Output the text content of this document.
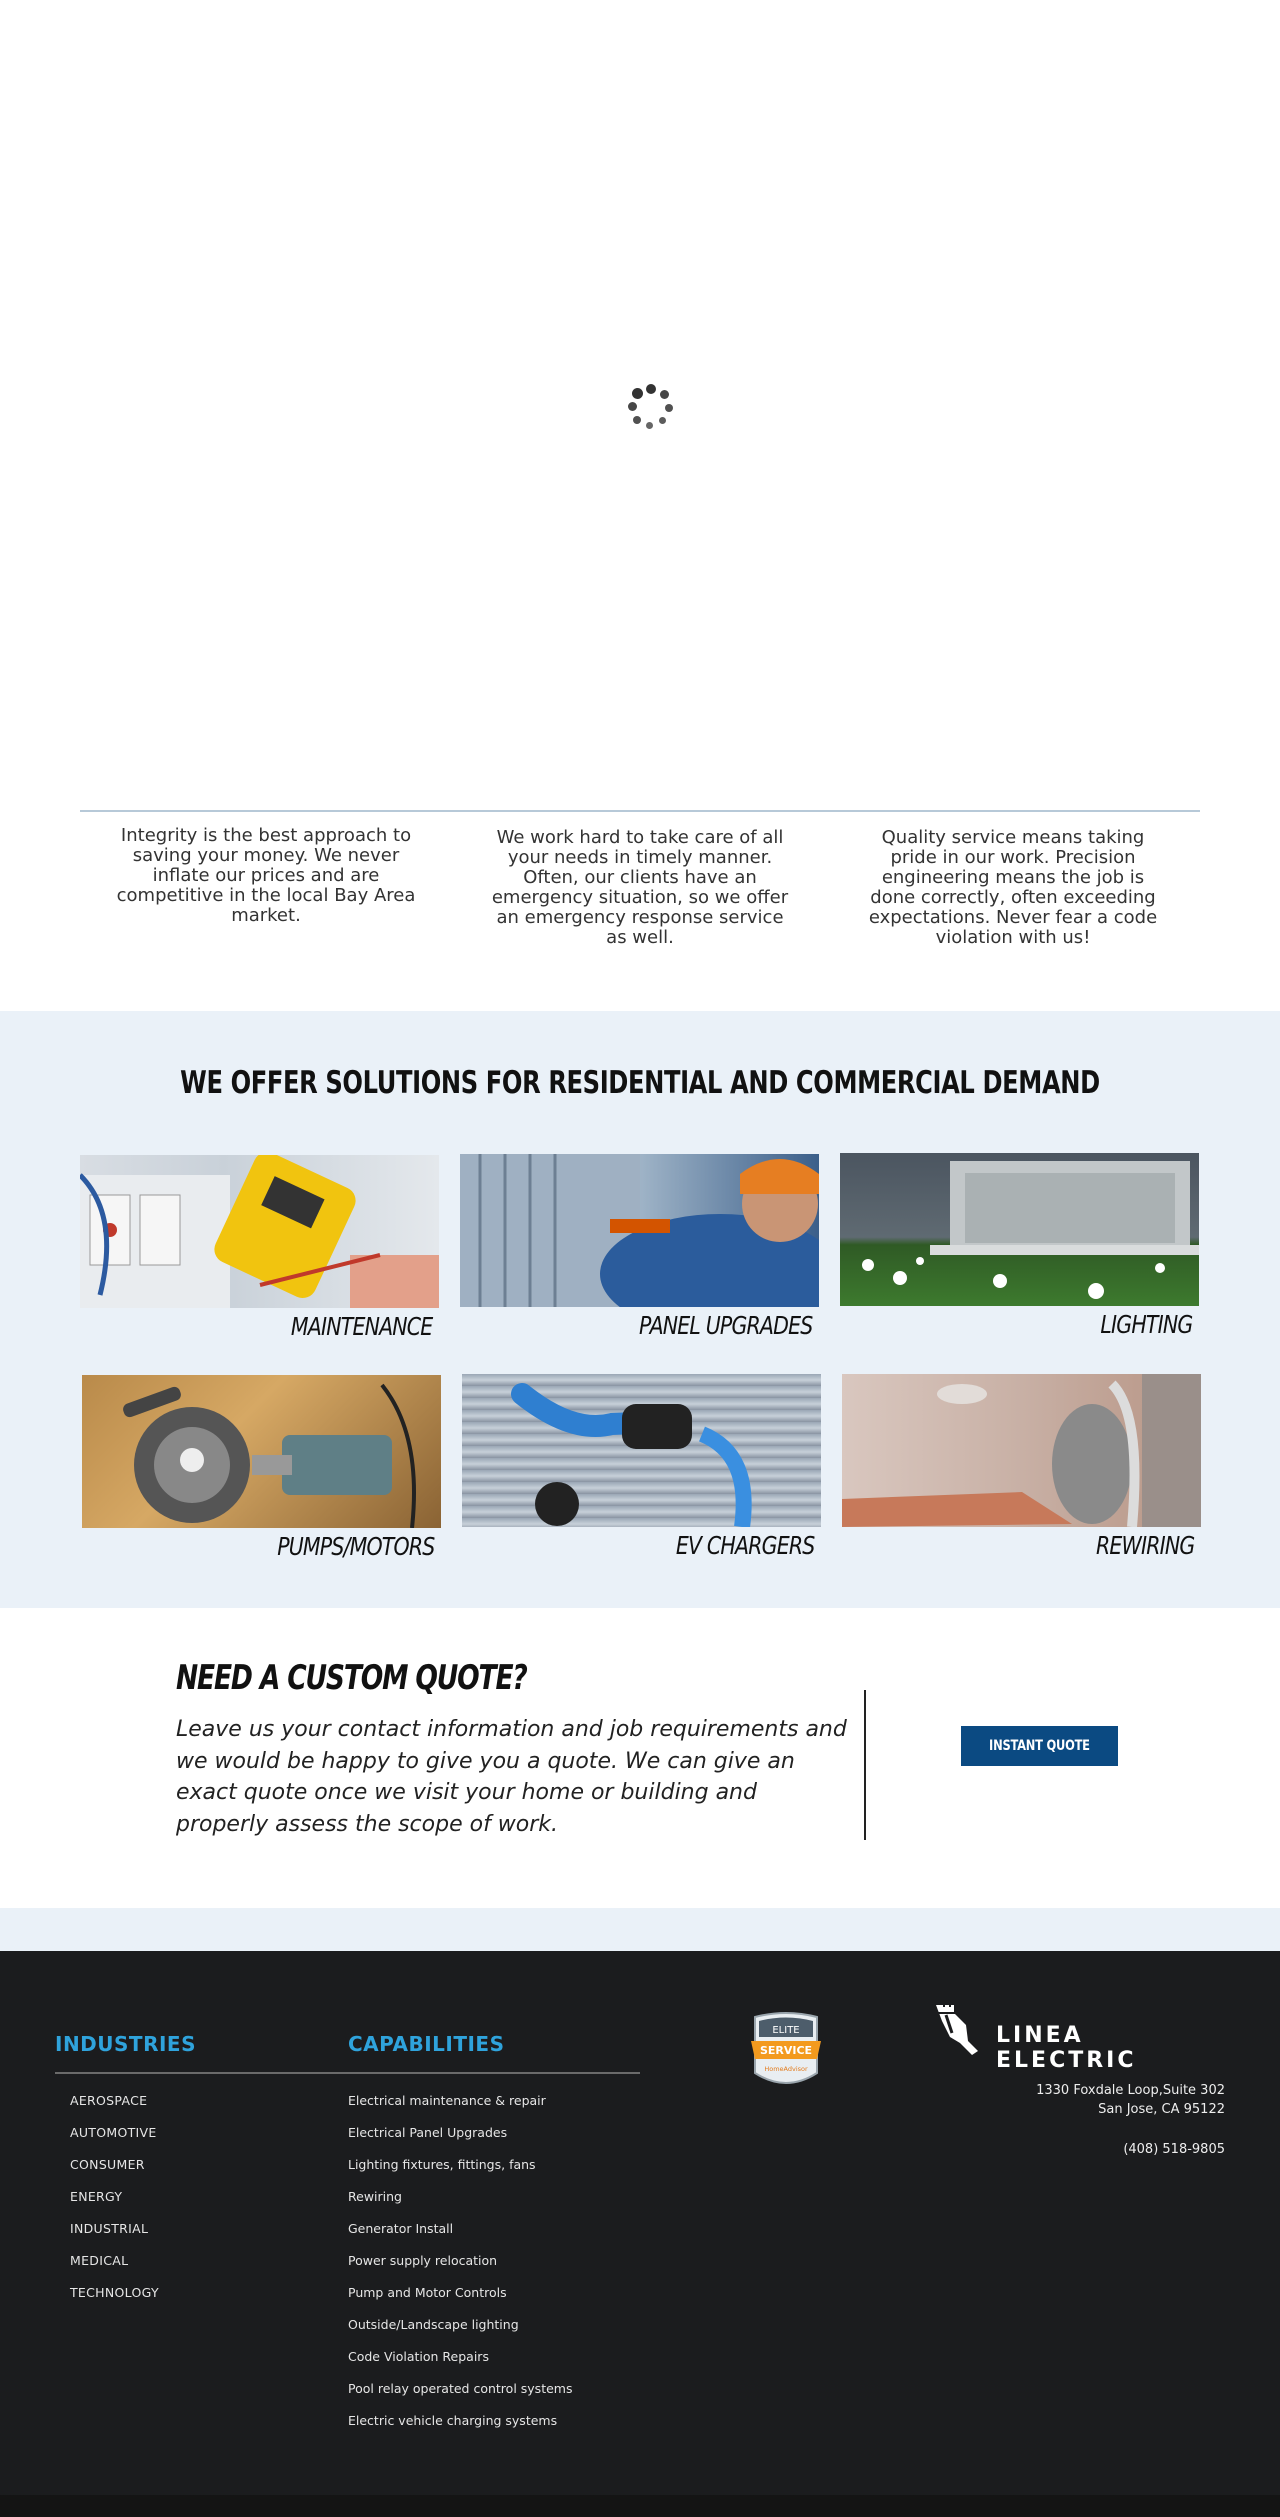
Integrity is the best approach to saving your money. We never inflate our prices and are competitive in the local Bay Area market.

We work hard to take care of all your needs in timely manner. Often, our clients have an emergency situation, so we offer an emergency response service as well.

Quality service means taking pride in our work. Precision engineering means the job is done correctly, often exceeding expectations. Never fear a code violation with us!

WE OFFER SOLUTIONS FOR RESIDENTIAL AND COMMERCIAL DEMAND
MAINTENANCE	PANEL UPGRADES	LIGHTING
PUMPS/MOTORS	EV CHARGERS	REWIRING
NEED A CUSTOM QUOTE?

Leave us your contact information and job requirements and we would be happy to give you a quote. We can give an exact quote once we visit your home or building and properly assess the scope of work.

INSTANT QUOTE
INDUSTRIES	CAPABILITIES
AEROSPACE
AUTOMOTIVE
CONSUMER
ENERGY
INDUSTRIAL
MEDICAL
TECHNOLOGY
Electrical maintenance & repair
Electrical Panel Upgrades
Lighting fixtures, fittings, fans
Rewiring
Generator Install
Power supply relocation
Pump and Motor Controls
Outside/Landscape lighting
Code Violation Repairs
Pool relay operated control systems
Electric vehicle charging systems
ELITE
SERVICE
HomeAdvisor
LINEA ELECTRIC
1330 Foxdale Loop,Suite 302
San Jose, CA 95122
(408) 518-9805
